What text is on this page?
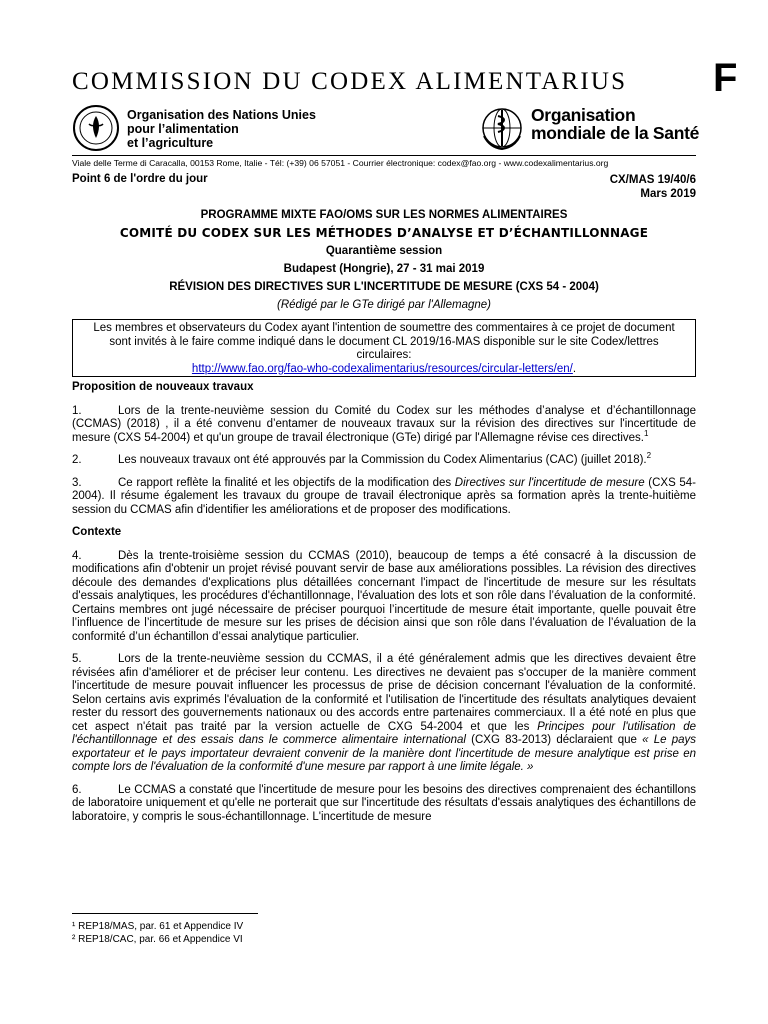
COMMISSION DU CODEX ALIMENTARIUS	F
Organisation des Nations Unies
pour l’alimentation
et l’agriculture
Organisation
mondiale de la Santé
Viale delle Terme di Caracalla, 00153 Rome, Italie - Tél: (+39) 06 57051 - Courrier électronique: codex@fao.org - www.codexalimentarius.org
Point 6 de l'ordre du jour	CX/MAS 19/40/6
Mars 2019
PROGRAMME MIXTE FAO/OMS SUR LES NORMES ALIMENTAIRES
COMITÉ DU CODEX SUR LES MÉTHODES D’ANALYSE ET D’ÉCHANTILLONNAGE
Quarantième session
Budapest (Hongrie), 27 - 31 mai 2019
RÉVISION DES DIRECTIVES SUR L'INCERTITUDE DE MESURE (CXS 54 - 2004)
(Rédigé par le GTe dirigé par l'Allemagne)
Les membres et observateurs du Codex ayant l'intention de soumettre des commentaires à ce projet de document sont invités à le faire comme indiqué dans le document CL 2019/16-MAS disponible sur le site Codex/lettres circulaires:
http://www.fao.org/fao-who-codexalimentarius/resources/circular-letters/en/.
Proposition de nouveaux travaux

1.	Lors de la trente-neuvième session du Comité du Codex sur les méthodes d’analyse et d’échantillonnage (CCMAS) (2018) , il a été convenu d’entamer de nouveaux travaux sur la révision des directives sur l'incertitude de mesure (CXS 54-2004) et qu'un groupe de travail électronique (GTe) dirigé par l'Allemagne révise ces directives.$^1$

2.	Les nouveaux travaux ont été approuvés par la Commission du Codex Alimentarius (CAC) (juillet 2018).$^2$

3.	Ce rapport reflète la finalité et les objectifs de la modification des Directives sur l'incertitude de mesure (CXS 54-2004). Il résume également les travaux du groupe de travail électronique après sa formation après la trente-huitième session du CCMAS afin d'identifier les améliorations et de proposer des modifications.

Contexte

4.	Dès la trente-troisième session du CCMAS (2010), beaucoup de temps a été consacré à la discussion de modifications afin d'obtenir un projet révisé pouvant servir de base aux améliorations possibles. La révision des directives découle des demandes d'explications plus détaillées concernant l'impact de l'incertitude de mesure sur les résultats d'essais analytiques, les procédures d'échantillonnage, l'évaluation des lots et son rôle dans l’évaluation de la conformité. Certains membres ont jugé nécessaire de préciser pourquoi l’incertitude de mesure était importante, quelle pouvait être l’influence de l’incertitude de mesure sur les prises de décision ainsi que son rôle dans l’évaluation de l’évaluation de la conformité d’un échantillon d’essai analytique particulier.

5.	Lors de la trente-neuvième session du CCMAS, il a été généralement admis que les directives devaient être révisées afin d'améliorer et de préciser leur contenu. Les directives ne devaient pas s'occuper de la manière comment l'incertitude de mesure pouvait influencer les processus de prise de décision concernant l'évaluation de la conformité. Selon certains avis exprimés l'évaluation de la conformité et l'utilisation de l'incertitude des résultats analytiques devaient rester du ressort des gouvernements nationaux ou des accords entre partenaires commerciaux. Il a été noté en plus que cet aspect n'était pas traité par la version actuelle de CXG 54-2004 et que les Principes pour l'utilisation de l'échantillonnage et des essais dans le commerce alimentaire international (CXG 83-2013) déclaraient que « Le pays exportateur et le pays importateur devraient convenir de la manière dont l'incertitude de mesure analytique est prise en compte lors de l'évaluation de la conformité d'une mesure par rapport à une limite légale. »

6.	Le CCMAS a constaté que l'incertitude de mesure pour les besoins des directives comprenaient des échantillons de laboratoire uniquement et qu'elle ne porterait que sur l'incertitude des résultats d'essais analytiques des échantillons de laboratoire, y compris le sous-échantillonnage. L'incertitude de mesure

¹ REP18/MAS, par. 61 et Appendice IV
² REP18/CAC, par. 66 et Appendice VI
